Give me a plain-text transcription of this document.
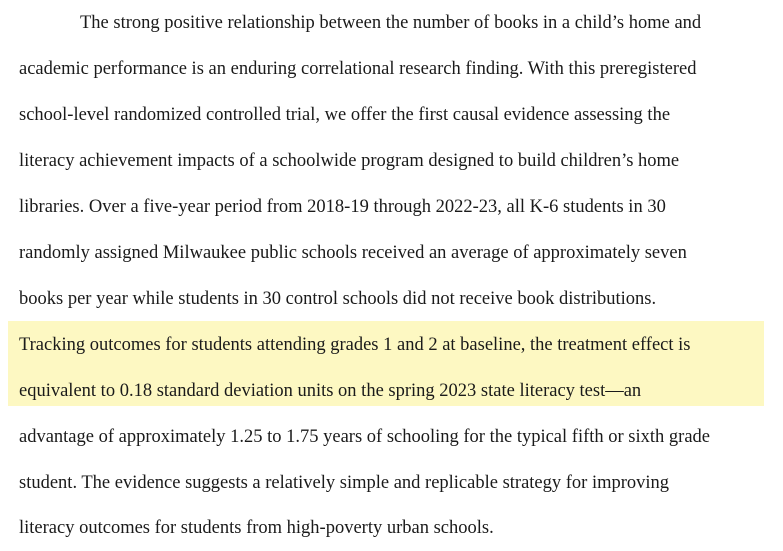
The strong positive relationship between the number of books in a child’s home and
academic performance is an enduring correlational research finding. With this preregistered
school-level randomized controlled trial, we offer the first causal evidence assessing the
literacy achievement impacts of a schoolwide program designed to build children’s home
libraries. Over a five-year period from 2018-19 through 2022-23, all K-6 students in 30
randomly assigned Milwaukee public schools received an average of approximately seven
books per year while students in 30 control schools did not receive book distributions.
Tracking outcomes for students attending grades 1 and 2 at baseline, the treatment effect is
equivalent to 0.18 standard deviation units on the spring 2023 state literacy test—an
advantage of approximately 1.25 to 1.75 years of schooling for the typical fifth or sixth grade
student. The evidence suggests a relatively simple and replicable strategy for improving
literacy outcomes for students from high-poverty urban schools.
